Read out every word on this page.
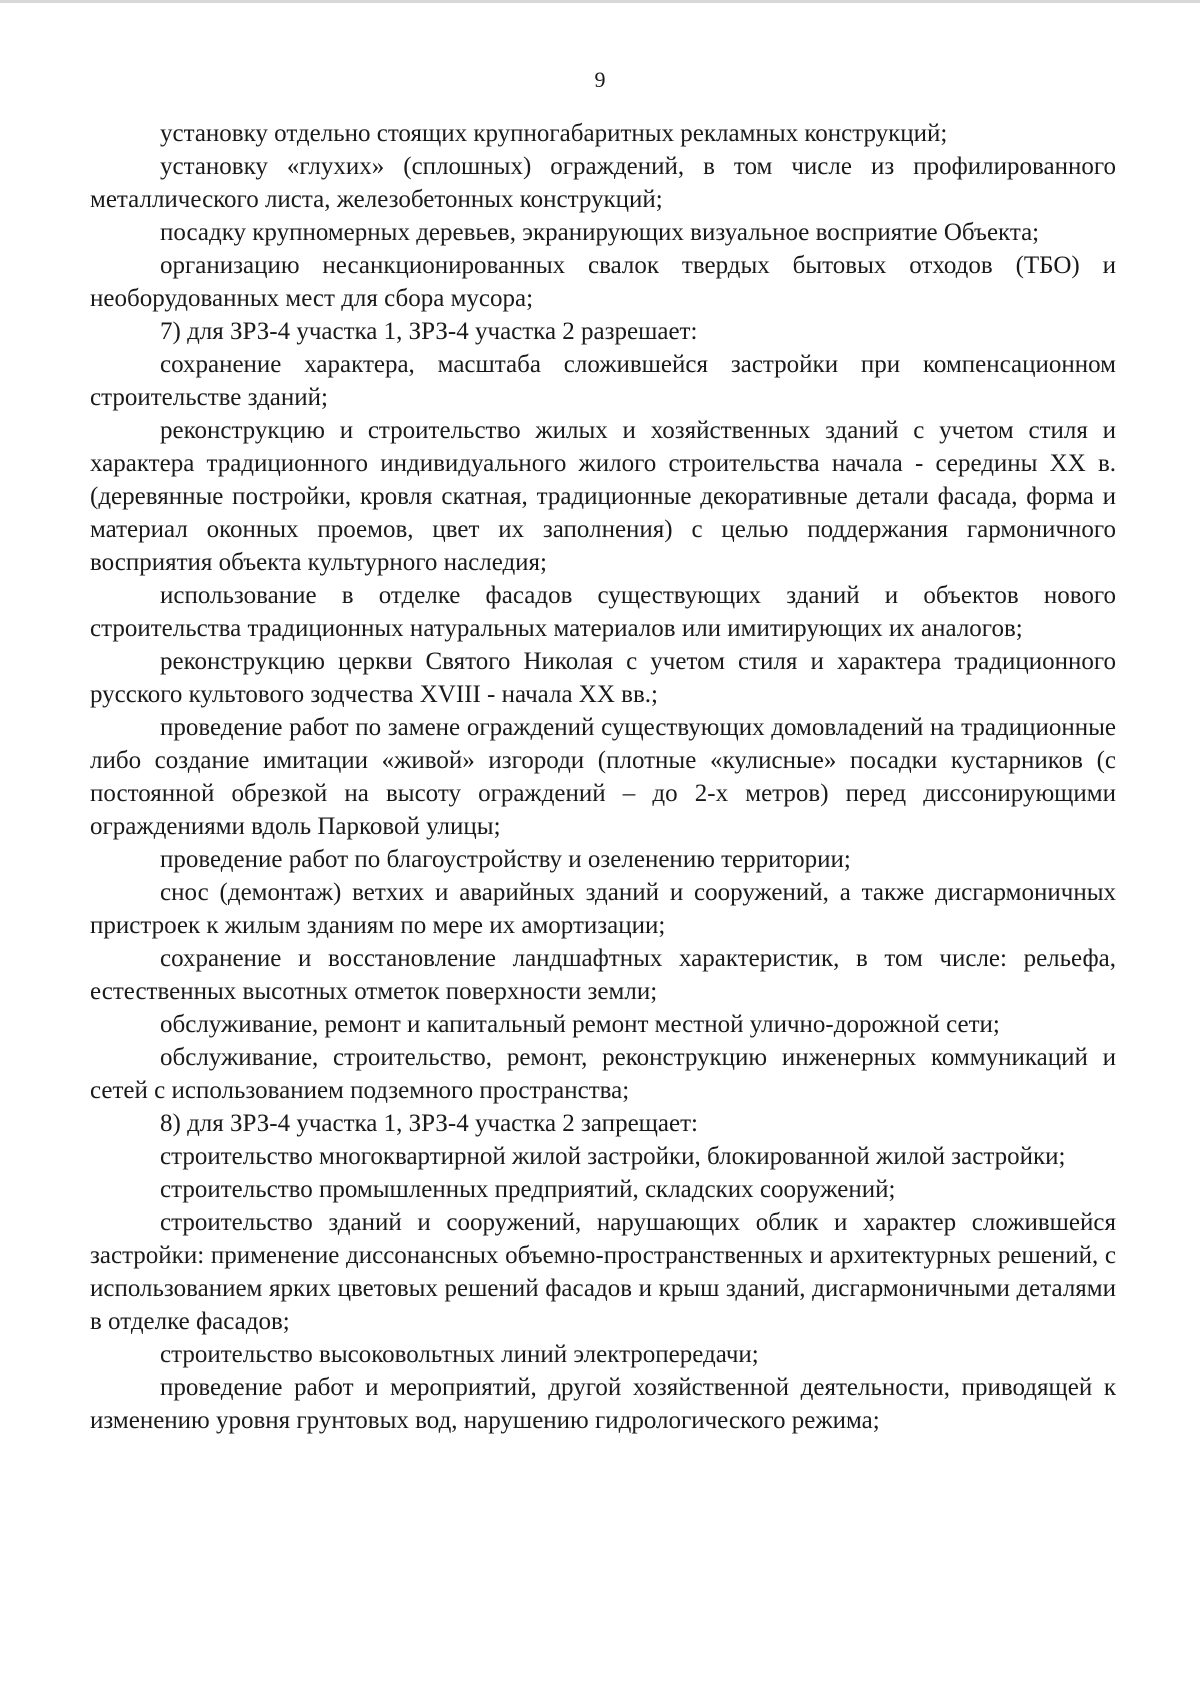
9

установку отдельно стоящих крупногабаритных рекламных конструкций;

установку «глухих» (сплошных) ограждений, в том числе из профилированного металлического листа, железобетонных конструкций;

посадку крупномерных деревьев, экранирующих визуальное восприятие Объекта;

организацию несанкционированных свалок твердых бытовых отходов (ТБО) и необорудованных мест для сбора мусора;

7) для ЗРЗ-4 участка 1, ЗРЗ-4 участка 2 разрешает:

сохранение характера, масштаба сложившейся застройки при компенсационном строительстве зданий;

реконструкцию и строительство жилых и хозяйственных зданий с учетом стиля и характера традиционного индивидуального жилого строительства начала - середины XX в. (деревянные постройки, кровля скатная, традиционные декоративные детали фасада, форма и материал оконных проемов, цвет их заполнения) с целью поддержания гармоничного восприятия объекта культурного наследия;

использование в отделке фасадов существующих зданий и объектов нового строительства традиционных натуральных материалов или имитирующих их аналогов;

реконструкцию церкви Святого Николая с учетом стиля и характера традиционного русского культового зодчества XVIII - начала XX вв.;

проведение работ по замене ограждений существующих домовладений на традиционные либо создание имитации «живой» изгороди (плотные «кулисные» посадки кустарников (с постоянной обрезкой на высоту ограждений – до 2-х метров) перед диссонирующими ограждениями вдоль Парковой улицы;

проведение работ по благоустройству и озеленению территории;

снос (демонтаж) ветхих и аварийных зданий и сооружений, а также дисгармоничных пристроек к жилым зданиям по мере их амортизации;

сохранение и восстановление ландшафтных характеристик, в том числе: рельефа, естественных высотных отметок поверхности земли;

обслуживание, ремонт и капитальный ремонт местной улично-дорожной сети;

обслуживание, строительство, ремонт, реконструкцию инженерных коммуникаций и сетей с использованием подземного пространства;

8) для ЗРЗ-4 участка 1, ЗРЗ-4 участка 2 запрещает:

строительство многоквартирной жилой застройки, блокированной жилой застройки;

строительство промышленных предприятий, складских сооружений;

строительство зданий и сооружений, нарушающих облик и характер сложившейся застройки: применение диссонансных объемно-пространственных и архитектурных решений, с использованием ярких цветовых решений фасадов и крыш зданий, дисгармоничными деталями в отделке фасадов;

строительство высоковольтных линий электропередачи;

проведение работ и мероприятий, другой хозяйственной деятельности, приводящей к изменению уровня грунтовых вод, нарушению гидрологического режима;
